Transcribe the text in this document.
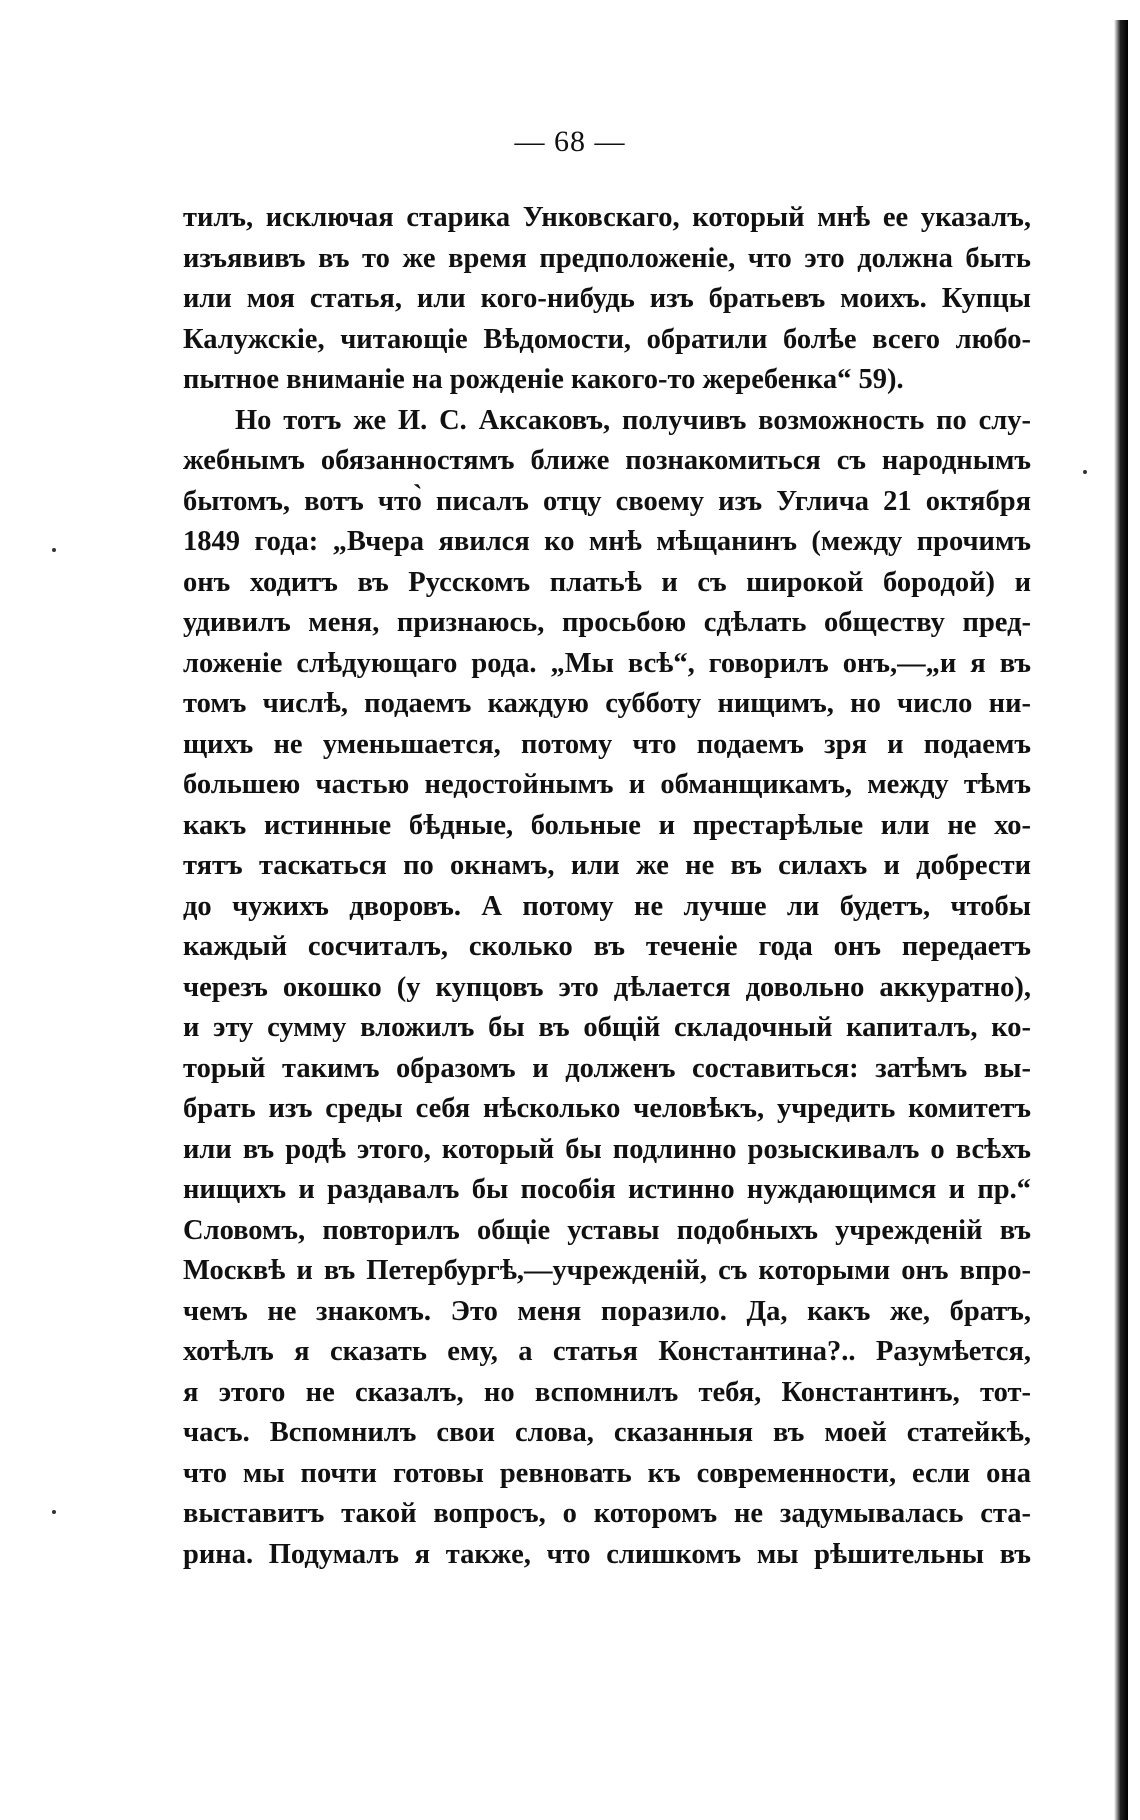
— 68 —
тилъ, исключая старика Унковскаго, который мнѣ ее указалъ,
изъявивъ въ то же время предположеніе, что это должна быть
или моя статья, или кого-нибудь изъ братьевъ моихъ. Купцы
Калужскіе, читающіе Вѣдомости, обратили болѣе всего любо-
пытное вниманіе на рожденіе какого-то жеребенка“ 59).
Но тотъ же И. С. Аксаковъ, получивъ возможность по слу-
жебнымъ обязанностямъ ближе познакомиться съ народнымъ
бытомъ, вотъ что̀ писалъ отцу своему изъ Углича 21 октября
1849 года: „Вчера явился ко мнѣ мѣщанинъ (между прочимъ
онъ ходитъ въ Русскомъ платьѣ и съ широкой бородой) и
удивилъ меня, признаюсь, просьбою сдѣлать обществу пред-
ложеніе слѣдующаго рода. „Мы всѣ“, говорилъ онъ,—„и я въ
томъ числѣ, подаемъ каждую субботу нищимъ, но число ни-
щихъ не уменьшается, потому что подаемъ зря и подаемъ
большею частью недостойнымъ и обманщикамъ, между тѣмъ
какъ истинные бѣдные, больные и престарѣлые или не хо-
тятъ таскаться по окнамъ, или же не въ силахъ и добрести
до чужихъ дворовъ. А потому не лучше ли будетъ, чтобы
каждый сосчиталъ, сколько въ теченіе года онъ передаетъ
черезъ окошко (у купцовъ это дѣлается довольно аккуратно),
и эту сумму вложилъ бы въ общій складочный капиталъ, ко-
торый такимъ образомъ и долженъ составиться: затѣмъ вы-
брать изъ среды себя нѣсколько человѣкъ, учредить комитетъ
или въ родѣ этого, который бы подлинно розыскивалъ о всѣхъ
нищихъ и раздавалъ бы пособія истинно нуждающимся и пр.“
Словомъ, повторилъ общіе уставы подобныхъ учрежденій въ
Москвѣ и въ Петербургѣ,—учрежденій, съ которыми онъ впро-
чемъ не знакомъ. Это меня поразило. Да, какъ же, братъ,
хотѣлъ я сказать ему, а статья Константина?.. Разумѣется,
я этого не сказалъ, но вспомнилъ тебя, Константинъ, тот-
часъ. Вспомнилъ свои слова, сказанныя въ моей статейкѣ,
что мы почти готовы ревновать къ современности, если она
выставитъ такой вопросъ, о которомъ не задумывалась ста-
рина. Подумалъ я также, что слишкомъ мы рѣшительны въ
